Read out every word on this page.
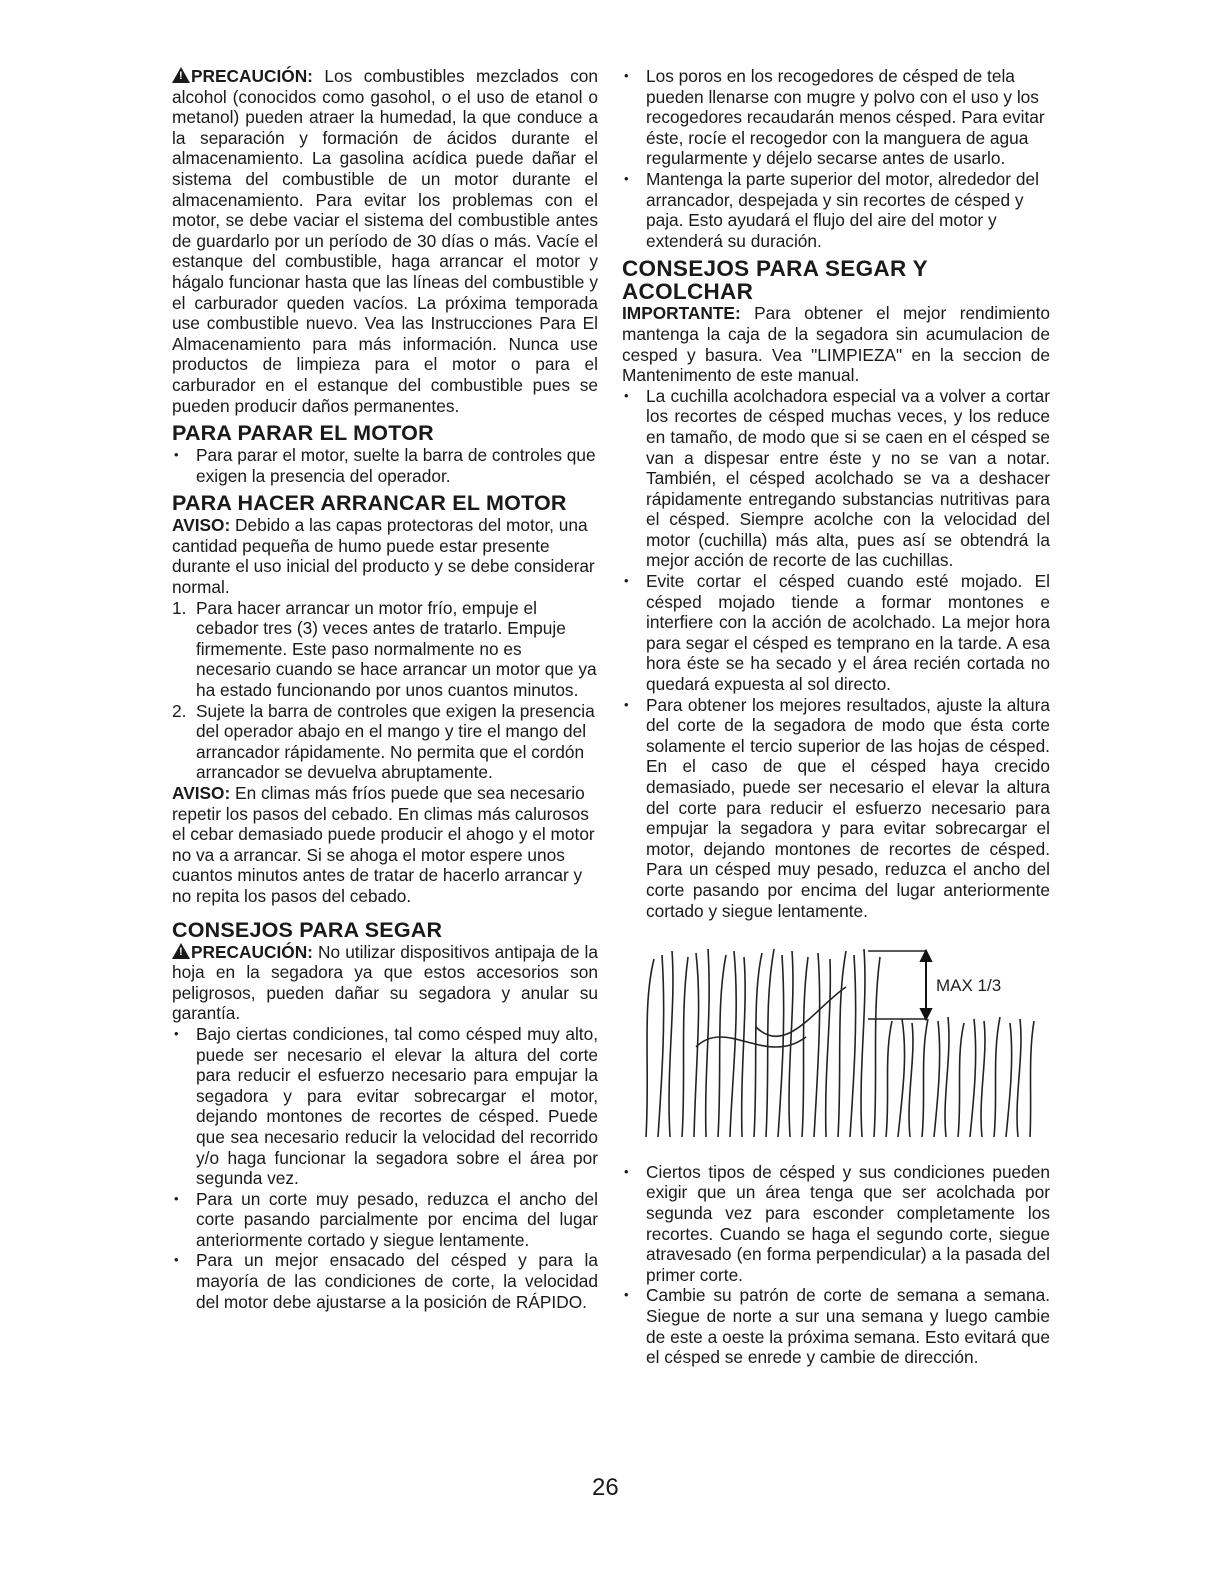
!PRECAUCIÓN: Los combustibles mezclados con alcohol (conocidos como gasohol, o el uso de etanol o metanol) pueden atraer la humedad, la que conduce a la separación y formación de ácidos durante el almacenamiento. La gasolina acídica puede dañar el sistema del combustible de un motor durante el almacenamiento. Para evitar los problemas con el motor, se debe vaciar el sistema del combustible antes de guardarlo por un período de 30 días o más. Vacíe el estanque del combustible, haga arrancar el motor y hágalo funcionar hasta que las líneas del combustible y el carburador queden vacíos. La próxima temporada use combustible nuevo. Vea las Instrucciones Para El Almacenamiento para más información. Nunca use productos de limpieza para el motor o para el carburador en el estanque del combustible pues se pueden producir daños permanentes.

PARA PARAR EL MOTOR
• Para parar el motor, suelte la barra de controles que exigen la presencia del operador.
PARA HACER ARRANCAR EL MOTOR

AVISO: Debido a las capas protectoras del motor, una cantidad pequeña de humo puede estar presente durante el uso inicial del producto y se debe considerar normal.

1. Para hacer arrancar un motor frío, empuje el cebador tres (3) veces antes de tratarlo. Empuje firmemente. Este paso normalmente no es necesario cuando se hace arrancar un motor que ya ha estado funcionando por unos cuantos minutos.
2. Sujete la barra de controles que exigen la presencia del operador abajo en el mango y tire el mango del arrancador rápidamente. No permita que el cordón arrancador se devuelva abruptamente.

AVISO: En climas más fríos puede que sea necesario repetir los pasos del cebado. En climas más calurosos el cebar demasiado puede producir el ahogo y el motor no va a arrancar. Si se ahoga el motor espere unos cuantos minutos antes de tratar de hacerlo arrancar y no repita los pasos del cebado.

CONSEJOS PARA SEGAR

!PRECAUCIÓN: No utilizar dispositivos antipaja de la hoja en la segadora ya que estos accesorios son peligrosos, pueden dañar su segadora y anular su garantía.

• Bajo ciertas condiciones, tal como césped muy alto, puede ser necesario el elevar la altura del corte para reducir el esfuerzo necesario para empujar la segadora y para evitar sobrecargar el motor, dejando montones de recortes de césped. Puede que sea necesario reducir la velocidad del recorrido y/o haga funcionar la segadora sobre el área por segunda vez.
• Para un corte muy pesado, reduzca el ancho del corte pasando parcialmente por encima del lugar anteriormente cortado y siegue lentamente.
• Para un mejor ensacado del césped y para la mayoría de las condiciones de corte, la velocidad del motor debe ajustarse a la posición de RÁPIDO.
• Los poros en los recogedores de césped de tela pueden llenarse con mugre y polvo con el uso y los recogedores recaudarán menos césped. Para evitar éste, rocíe el recogedor con la manguera de agua regularmente y déjelo secarse antes de usarlo.
• Mantenga la parte superior del motor, alrededor del arrancador, despejada y sin recortes de césped y paja. Esto ayudará el flujo del aire del motor y extenderá su duración.
CONSEJOS PARA SEGAR Y ACOLCHAR

IMPORTANTE: Para obtener el mejor rendimiento mantenga la caja de la segadora sin acumulacion de cesped y basura. Vea "LIMPIEZA" en la seccion de Mantenimento de este manual.

• La cuchilla acolchadora especial va a volver a cortar los recortes de césped muchas veces, y los reduce en tamaño, de modo que si se caen en el césped se van a dispesar entre éste y no se van a notar. También, el césped acolchado se va a deshacer rápidamente entregando substancias nutritivas para el césped. Siempre acolche con la velocidad del motor (cuchilla) más alta, pues así se obtendrá la mejor acción de recorte de las cuchillas.
• Evite cortar el césped cuando esté mojado. El césped mojado tiende a formar montones e interfiere con la acción de acolchado. La mejor hora para segar el césped es temprano en la tarde. A esa hora éste se ha secado y el área recién cortada no quedará expuesta al sol directo.
• Para obtener los mejores resultados, ajuste la altura del corte de la segadora de modo que ésta corte solamente el tercio superior de las hojas de césped. En el caso de que el césped haya crecido demasiado, puede ser necesario el elevar la altura del corte para reducir el esfuerzo necesario para empujar la segadora y para evitar sobrecargar el motor, dejando montones de recortes de césped. Para un césped muy pesado, reduzca el ancho del corte pasando por encima del lugar anteriormente cortado y siegue lentamente.
MAX 1/3
• Ciertos tipos de césped y sus condiciones pueden exigir que un área tenga que ser acolchada por segunda vez para esconder completamente los recortes. Cuando se haga el segundo corte, siegue atravesado (en forma perpendicular) a la pasada del primer corte.
• Cambie su patrón de corte de semana a semana. Siegue de norte a sur una semana y luego cambie de este a oeste la próxima semana. Esto evitará que el césped se enrede y cambie de dirección.
26
